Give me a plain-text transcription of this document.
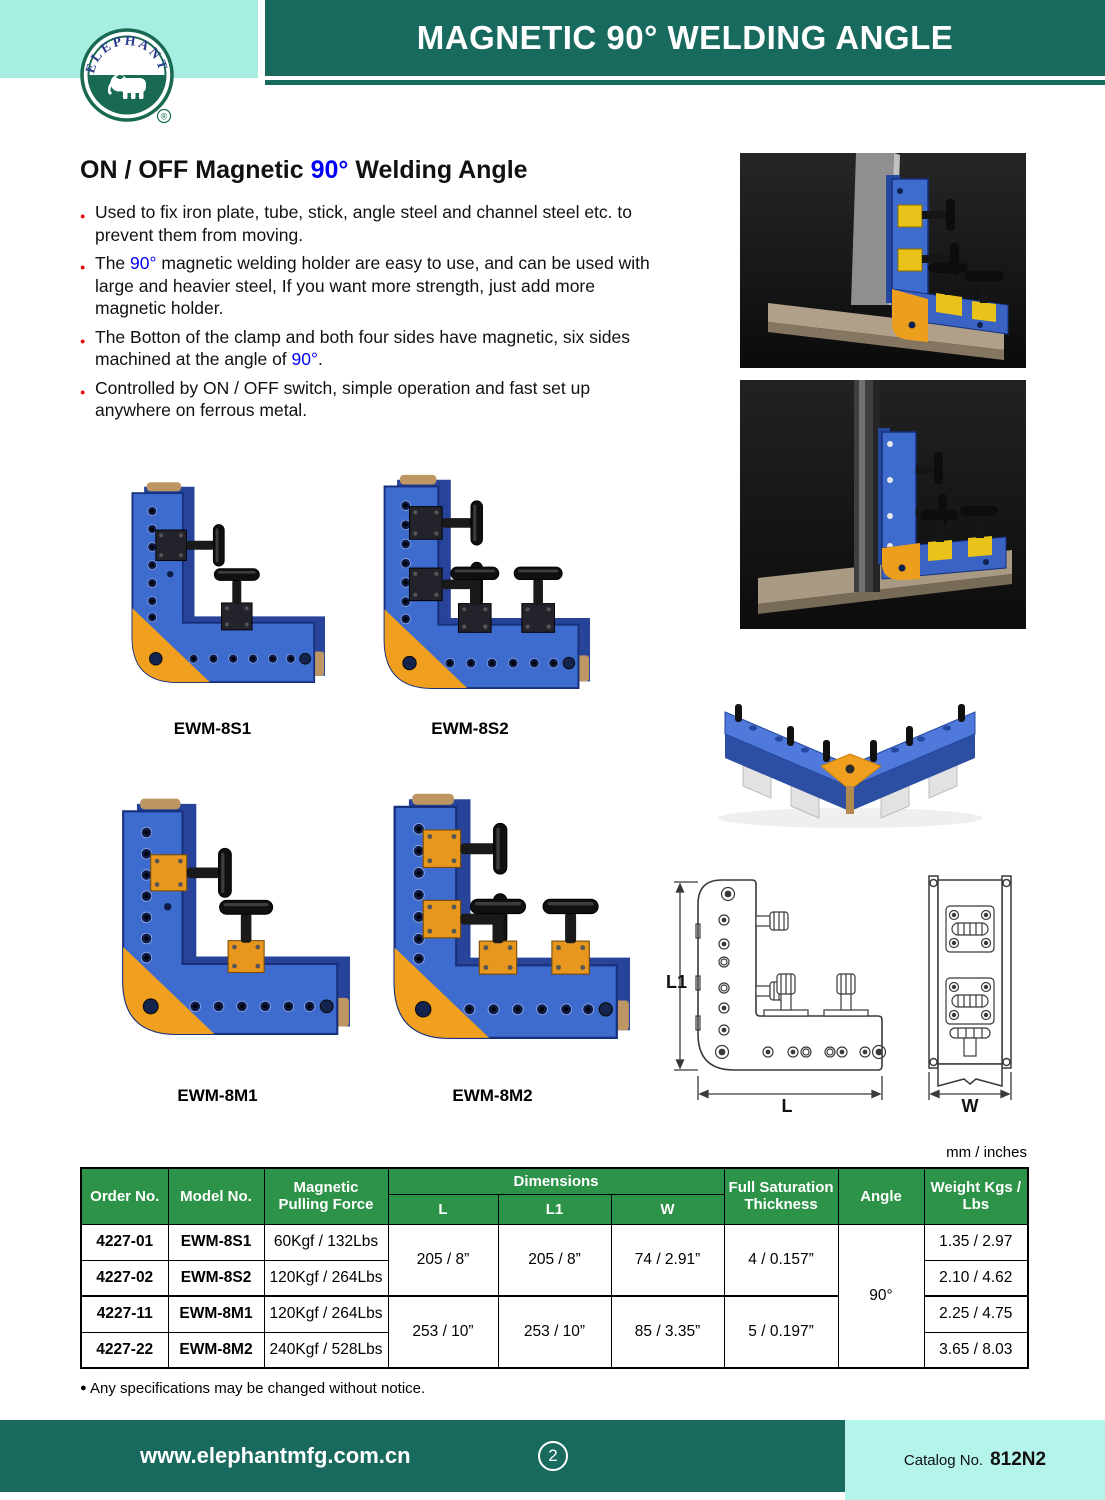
ELEPHANT
®
MAGNETIC 90° WELDING ANGLE
ON / OFF Magnetic 90° Welding Angle
● Used to fix iron plate, tube, stick, angle steel and channel steel etc. to prevent them from moving.
● The 90° magnetic welding holder are easy to use, and can be used with large and heavier steel, If you want more strength, just add more magnetic holder.
● The Botton of the clamp and both four sides have magnetic, six sides machined at the angle of 90°.
● Controlled by ON / OFF switch, simple operation and fast set up anywhere on ferrous metal.
EWM-8S1	EWM-8S2
EWM-8M1	EWM-8M2
L1
L	W
mm / inches
Order No.	Model No.	Magnetic Pulling Force	Dimensions			Full Saturation Thickness	Angle	Weight Kgs / Lbs
			L	L1	W			
4227-01	EWM-8S1	60Kgf / 132Lbs	205 / 8”	205 / 8”	74 / 2.91”	4 / 0.157”	90°	1.35 / 2.97
4227-02	EWM-8S2	120Kgf / 264Lbs						2.10 / 4.62
4227-11	EWM-8M1	120Kgf / 264Lbs	253 / 10”	253 / 10”	85 / 3.35”	5 / 0.197”		2.25 / 4.75
4227-22	EWM-8M2	240Kgf / 528Lbs						3.65 / 8.03
● Any specifications may be changed without notice.
www.elephantmfg.com.cn	2	Catalog No. 812N2
